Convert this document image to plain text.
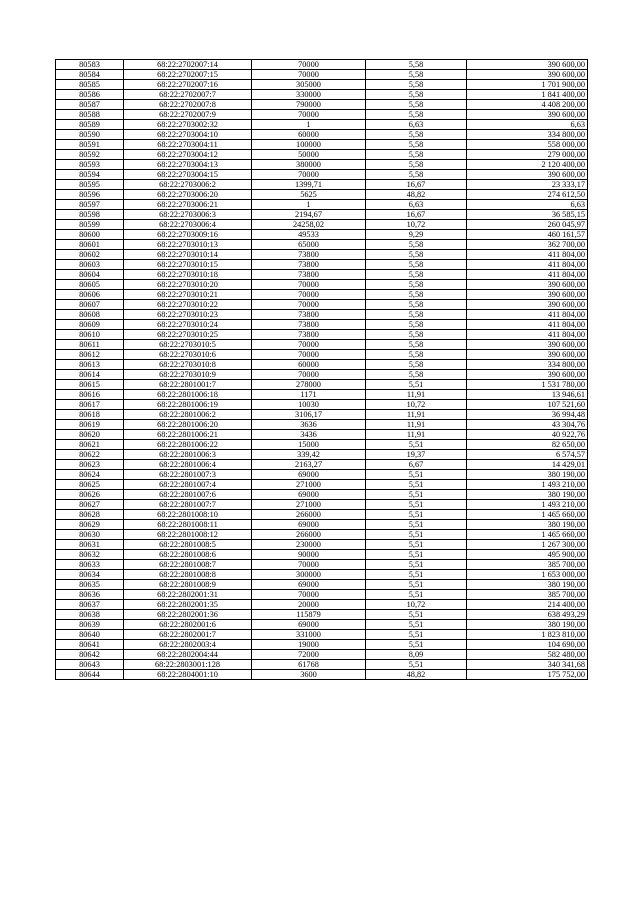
80583	68:22:2702007:14	70000	5,58	390 600,00
80584	68:22:2702007:15	70000	5,58	390 600,00
80585	68:22:2702007:16	305000	5,58	1 701 900,00
80586	68:22:2702007:7	330000	5,58	1 841 400,00
80587	68:22:2702007:8	790000	5,58	4 408 200,00
80588	68:22:2702007:9	70000	5,58	390 600,00
80589	68:22:2703002:32	1	6,63	6,63
80590	68:22:2703004:10	60000	5,58	334 800,00
80591	68:22:2703004:11	100000	5,58	558 000,00
80592	68:22:2703004:12	50000	5,58	279 000,00
80593	68:22:2703004:13	380000	5,58	2 120 400,00
80594	68:22:2703004:15	70000	5,58	390 600,00
80595	68:22:2703006:2	1399,71	16,67	23 333,17
80596	68:22:2703006:20	5625	48,82	274 612,50
80597	68:22:2703006:21	1	6,63	6,63
80598	68:22:2703006:3	2194,67	16,67	36 585,15
80599	68:22:2703006:4	24258,02	10,72	260 045,97
80600	68:22:2703009:16	49533	9,29	460 161,57
80601	68:22:2703010:13	65000	5,58	362 700,00
80602	68:22:2703010:14	73800	5,58	411 804,00
80603	68:22:2703010:15	73800	5,58	411 804,00
80604	68:22:2703010:18	73800	5,58	411 804,00
80605	68:22:2703010:20	70000	5,58	390 600,00
80606	68:22:2703010:21	70000	5,58	390 600,00
80607	68:22:2703010:22	70000	5,58	390 600,00
80608	68:22:2703010:23	73800	5,58	411 804,00
80609	68:22:2703010:24	73800	5,58	411 804,00
80610	68:22:2703010:25	73800	5,58	411 804,00
80611	68:22:2703010:5	70000	5,58	390 600,00
80612	68:22:2703010:6	70000	5,58	390 600,00
80613	68:22:2703010:8	60000	5,58	334 800,00
80614	68:22:2703010:9	70000	5,58	390 600,00
80615	68:22:2801001:7	278000	5,51	1 531 780,00
80616	68:22:2801006:18	1171	11,91	13 946,61
80617	68:22:2801006:19	10030	10,72	107 521,60
80618	68:22:2801006:2	3106,17	11,91	36 994,48
80619	68:22:2801006:20	3636	11,91	43 304,76
80620	68:22:2801006:21	3436	11,91	40 922,76
80621	68:22:2801006:22	15000	5,51	82 650,00
80622	68:22:2801006:3	339,42	19,37	6 574,57
80623	68:22:2801006:4	2163,27	6,67	14 429,01
80624	68:22:2801007:3	69000	5,51	380 190,00
80625	68:22:2801007:4	271000	5,51	1 493 210,00
80626	68:22:2801007:6	69000	5,51	380 190,00
80627	68:22:2801007:7	271000	5,51	1 493 210,00
80628	68:22:2801008:10	266000	5,51	1 465 660,00
80629	68:22:2801008:11	69000	5,51	380 190,00
80630	68:22:2801008:12	266000	5,51	1 465 660,00
80631	68:22:2801008:5	230000	5,51	1 267 300,00
80632	68:22:2801008:6	90000	5,51	495 900,00
80633	68:22:2801008:7	70000	5,51	385 700,00
80634	68:22:2801008:8	300000	5,51	1 653 000,00
80635	68:22:2801008:9	69000	5,51	380 190,00
80636	68:22:2802001:31	70000	5,51	385 700,00
80637	68:22:2802001:35	20000	10,72	214 400,00
80638	68:22:2802001:36	115879	5,51	638 493,29
80639	68:22:2802001:6	69000	5,51	380 190,00
80640	68:22:2802001:7	331000	5,51	1 823 810,00
80641	68:22:2802003:4	19000	5,51	104 690,00
80642	68:22:2802004:44	72000	8,09	582 480,00
80643	68:22:2803001:128	61768	5,51	340 341,68
80644	68:22:2804001:10	3600	48,82	175 752,00
